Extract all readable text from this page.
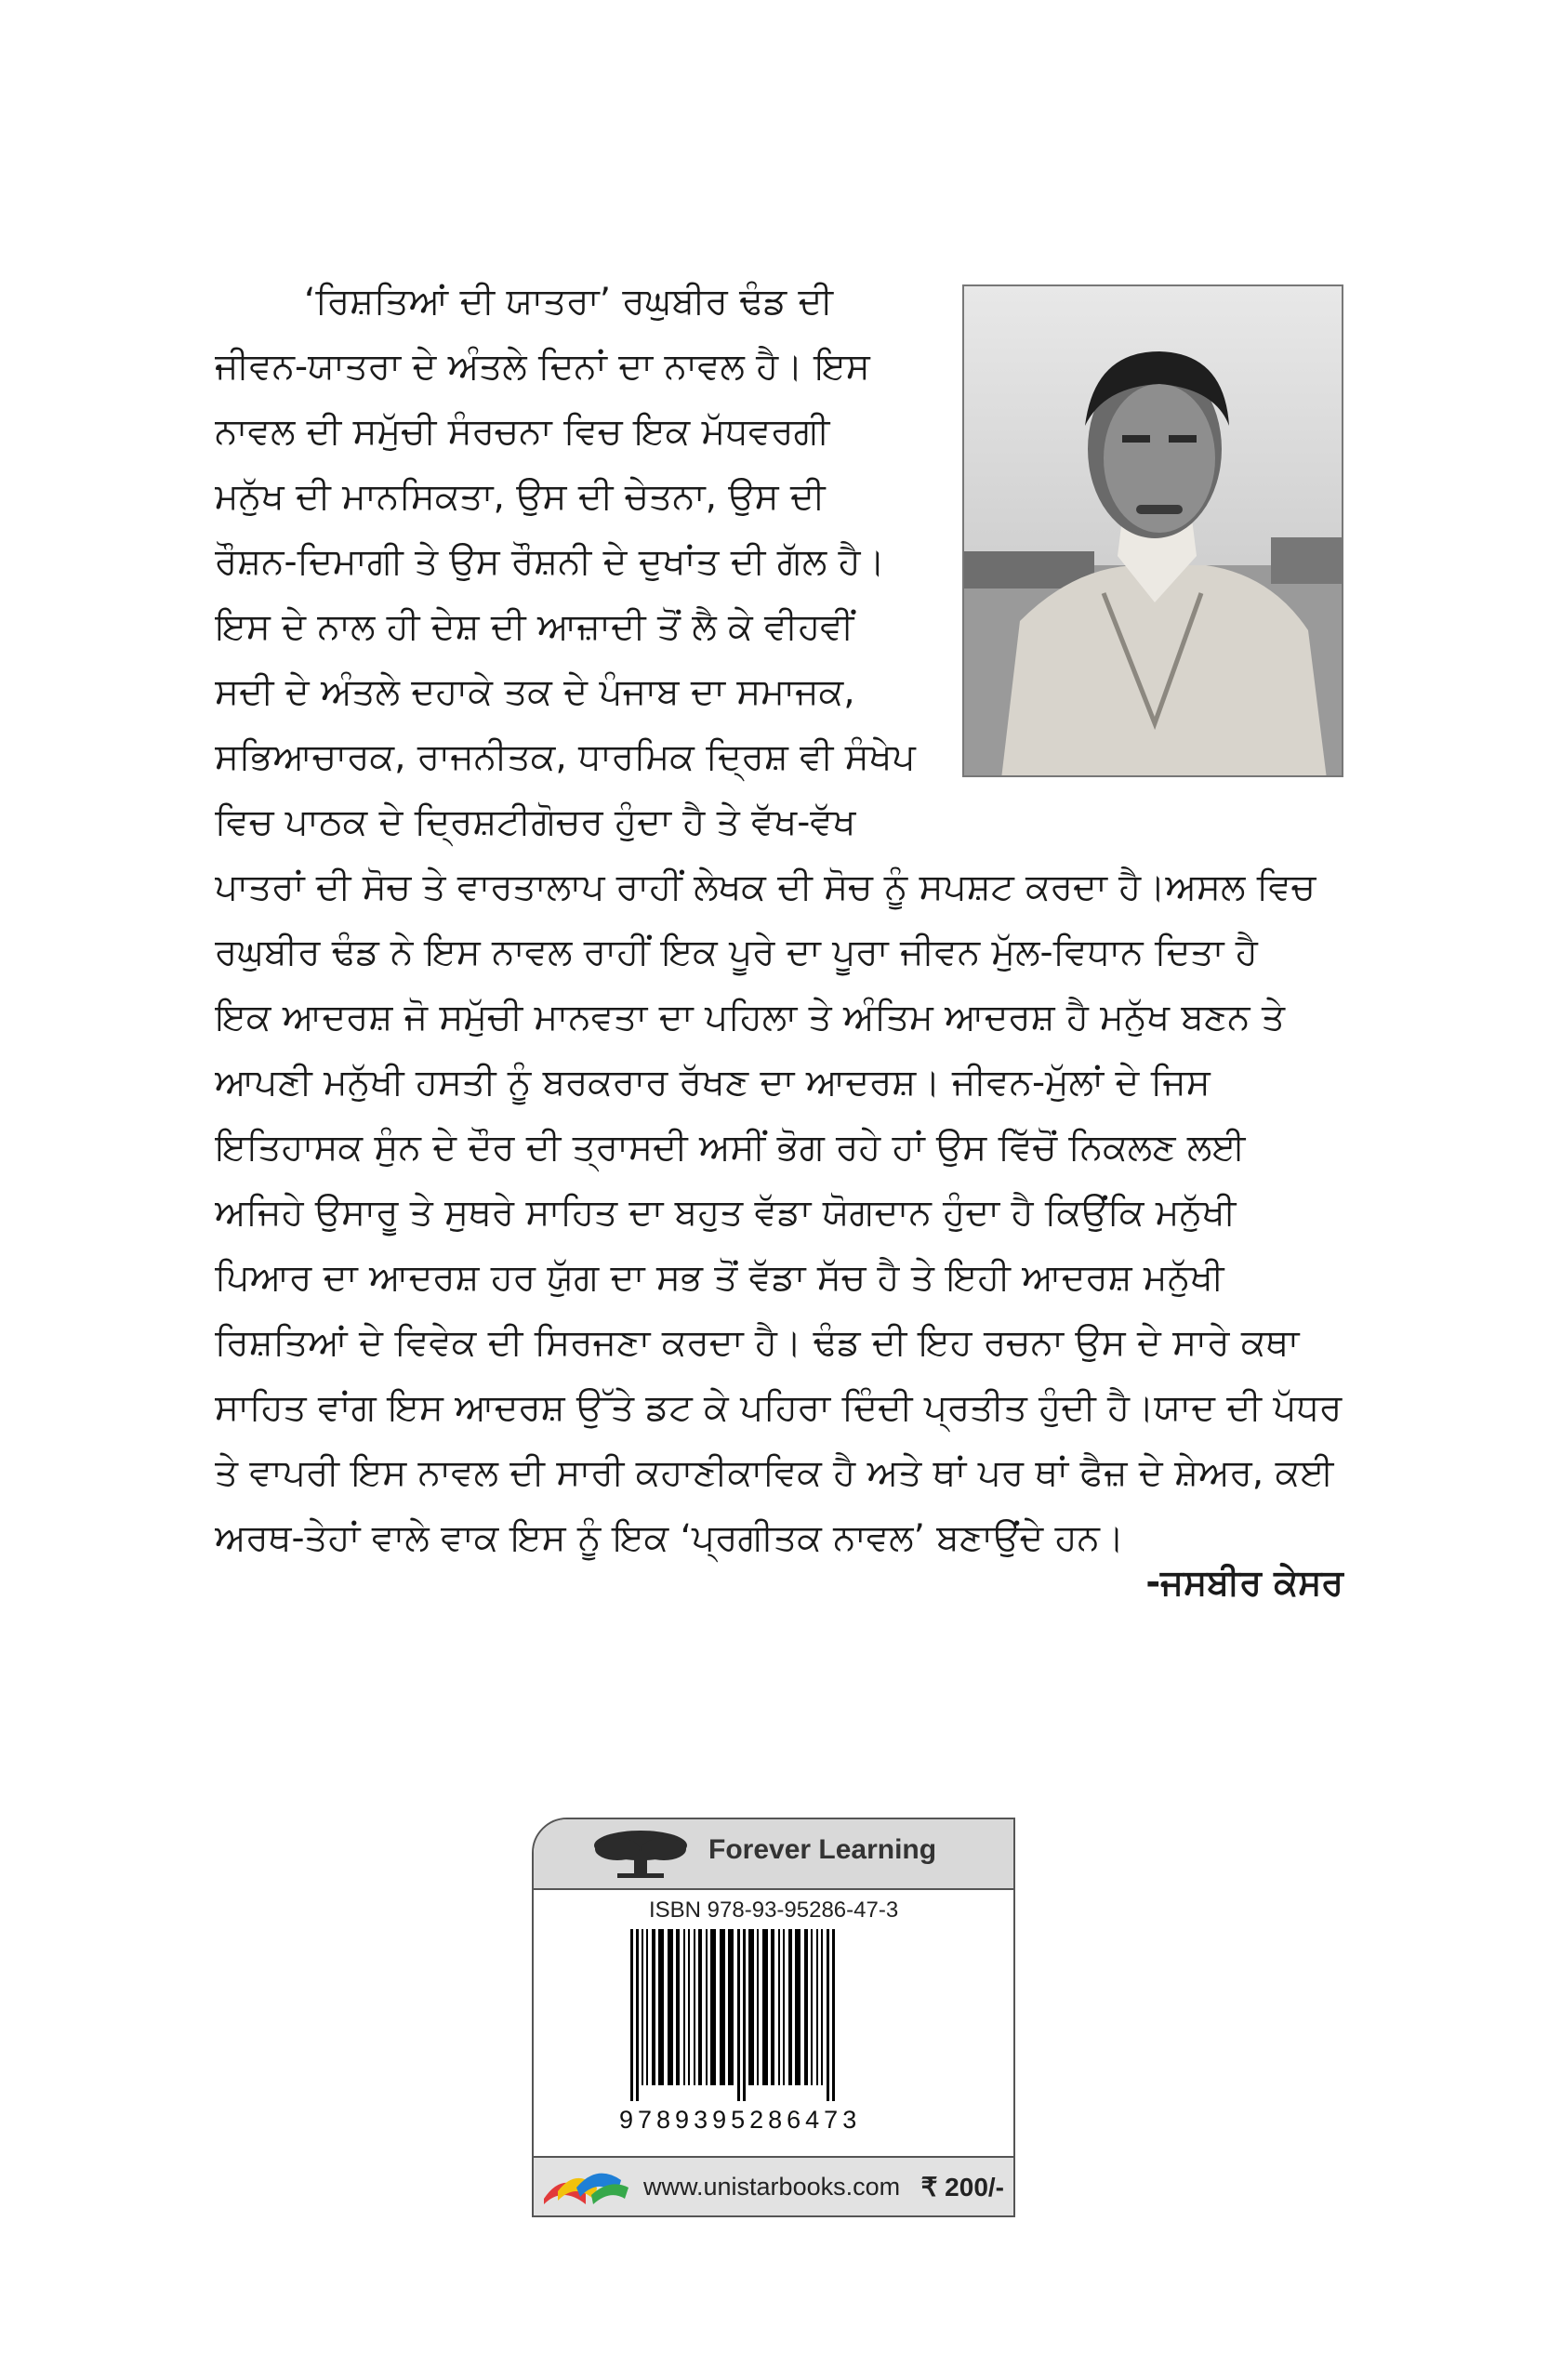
‘ਰਿਸ਼ਤਿਆਂ ਦੀ ਯਾਤਰਾ’ ਰਘੁਬੀਰ ਢੰਡ ਦੀ
ਜੀਵਨ-ਯਾਤਰਾ ਦੇ ਅੰਤਲੇ ਦਿਨਾਂ ਦਾ ਨਾਵਲ ਹੈ। ਇਸ
ਨਾਵਲ ਦੀ ਸਮੁੱਚੀ ਸੰਰਚਨਾ ਵਿਚ ਇਕ ਮੱਧਵਰਗੀ
ਮਨੁੱਖ ਦੀ ਮਾਨਸਿਕਤਾ, ਉਸ ਦੀ ਚੇਤਨਾ, ਉਸ ਦੀ
ਰੌਸ਼ਨ-ਦਿਮਾਗੀ ਤੇ ਉਸ ਰੌਸ਼ਨੀ ਦੇ ਦੁਖਾਂਤ ਦੀ ਗੱਲ ਹੈ।
ਇਸ ਦੇ ਨਾਲ ਹੀ ਦੇਸ਼ ਦੀ ਆਜ਼ਾਦੀ ਤੋਂ ਲੈ ਕੇ ਵੀਹਵੀਂ
ਸਦੀ ਦੇ ਅੰਤਲੇ ਦਹਾਕੇ ਤਕ ਦੇ ਪੰਜਾਬ ਦਾ ਸਮਾਜਕ,
ਸਭਿਆਚਾਰਕ, ਰਾਜਨੀਤਕ, ਧਾਰਮਿਕ ਦ੍ਰਿਸ਼ ਵੀ ਸੰਖੇਪ
ਵਿਚ ਪਾਠਕ ਦੇ ਦ੍ਰਿਸ਼ਟੀਗੋਚਰ ਹੁੰਦਾ ਹੈ ਤੇ ਵੱਖ-ਵੱਖ
ਪਾਤਰਾਂ ਦੀ ਸੋਚ ਤੇ ਵਾਰਤਾਲਾਪ ਰਾਹੀਂ ਲੇਖਕ ਦੀ ਸੋਚ ਨੂੰ ਸਪਸ਼ਟ ਕਰਦਾ ਹੈ।ਅਸਲ ਵਿਚ
ਰਘੁਬੀਰ ਢੰਡ ਨੇ ਇਸ ਨਾਵਲ ਰਾਹੀਂ ਇਕ ਪੂਰੇ ਦਾ ਪੂਰਾ ਜੀਵਨ ਮੁੱਲ-ਵਿਧਾਨ ਦਿਤਾ ਹੈ
ਇਕ ਆਦਰਸ਼ ਜੋ ਸਮੁੱਚੀ ਮਾਨਵਤਾ ਦਾ ਪਹਿਲਾ ਤੇ ਅੰਤਿਮ ਆਦਰਸ਼ ਹੈ ਮਨੁੱਖ ਬਣਨ ਤੇ
ਆਪਣੀ ਮਨੁੱਖੀ ਹਸਤੀ ਨੂੰ ਬਰਕਰਾਰ ਰੱਖਣ ਦਾ ਆਦਰਸ਼। ਜੀਵਨ-ਮੁੱਲਾਂ ਦੇ ਜਿਸ
ਇਤਿਹਾਸਕ ਸੁੰਨ ਦੇ ਦੌਰ ਦੀ ਤ੍ਰਾਸਦੀ ਅਸੀਂ ਭੋਗ ਰਹੇ ਹਾਂ ਉਸ ਵਿੱਚੋਂ ਨਿਕਲਣ ਲਈ
ਅਜਿਹੇ ਉਸਾਰੂ ਤੇ ਸੁਥਰੇ ਸਾਹਿਤ ਦਾ ਬਹੁਤ ਵੱਡਾ ਯੋਗਦਾਨ ਹੁੰਦਾ ਹੈ ਕਿਉਂਕਿ ਮਨੁੱਖੀ
ਪਿਆਰ ਦਾ ਆਦਰਸ਼ ਹਰ ਯੁੱਗ ਦਾ ਸਭ ਤੋਂ ਵੱਡਾ ਸੱਚ ਹੈ ਤੇ ਇਹੀ ਆਦਰਸ਼ ਮਨੁੱਖੀ
ਰਿਸ਼ਤਿਆਂ ਦੇ ਵਿਵੇਕ ਦੀ ਸਿਰਜਣਾ ਕਰਦਾ ਹੈ। ਢੰਡ ਦੀ ਇਹ ਰਚਨਾ ਉਸ ਦੇ ਸਾਰੇ ਕਥਾ
ਸਾਹਿਤ ਵਾਂਗ ਇਸ ਆਦਰਸ਼ ਉੱਤੇ ਡਟ ਕੇ ਪਹਿਰਾ ਦਿੰਦੀ ਪ੍ਰਤੀਤ ਹੁੰਦੀ ਹੈ।ਯਾਦ ਦੀ ਪੱਧਰ
ਤੇ ਵਾਪਰੀ ਇਸ ਨਾਵਲ ਦੀ ਸਾਰੀ ਕਹਾਣੀਕਾਵਿਕ ਹੈ ਅਤੇ ਥਾਂ ਪਰ ਥਾਂ ਫੈਜ਼ ਦੇ ਸ਼ੇਅਰ, ਕਈ
ਅਰਥ-ਤੇਹਾਂ ਵਾਲੇ ਵਾਕ ਇਸ ਨੂੰ ਇਕ ‘ਪ੍ਰਗੀਤਕ ਨਾਵਲ’ ਬਣਾਉਂਦੇ ਹਨ।
-ਜਸਬੀਰ ਕੇਸਰ
Forever Learning
ISBN 978-93-95286-47-3
9789395286473
www.unistarbooks.com ₹ 200/-
